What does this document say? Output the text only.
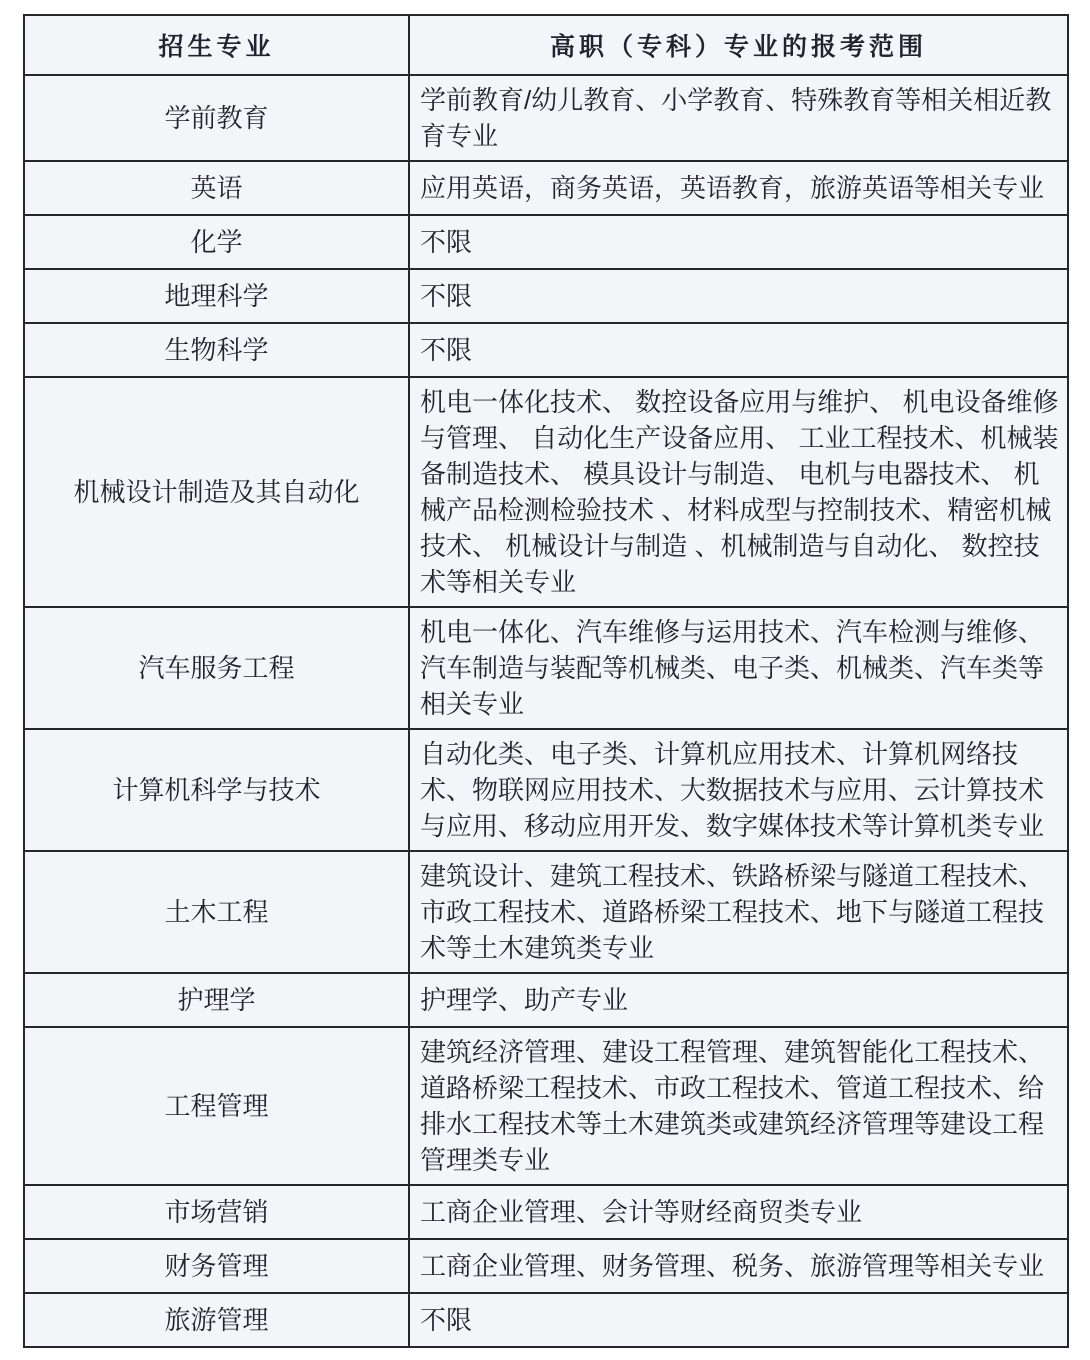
招生专业	高职（专科）专业的报考范围
学前教育	学前教育/幼儿教育、小学教育、特殊教育等相关相近教育专业
英语	应用英语，商务英语，英语教育，旅游英语等相关专业
化学	不限
地理科学	不限
生物科学	不限
机械设计制造及其自动化	机电一体化技术、 数控设备应用与维护、 机电设备维修与管理、 自动化生产设备应用、 工业工程技术、机械装备制造技术、 模具设计与制造、 电机与电器技术、 机械产品检测检验技术 、材料成型与控制技术、精密机械技术、 机械设计与制造 、机械制造与自动化、 数控技术等相关专业
汽车服务工程	机电一体化、汽车维修与运用技术、汽车检测与维修、汽车制造与装配等机械类、电子类、机械类、汽车类等相关专业
计算机科学与技术	自动化类、电子类、计算机应用技术、计算机网络技术、物联网应用技术、大数据技术与应用、云计算技术与应用、移动应用开发、数字媒体技术等计算机类专业
土木工程	建筑设计、建筑工程技术、铁路桥梁与隧道工程技术、市政工程技术、道路桥梁工程技术、地下与隧道工程技术等土木建筑类专业
护理学	护理学、助产专业
工程管理	建筑经济管理、建设工程管理、建筑智能化工程技术、道路桥梁工程技术、市政工程技术、管道工程技术、给排水工程技术等土木建筑类或建筑经济管理等建设工程管理类专业
市场营销	工商企业管理、会计等财经商贸类专业
财务管理	工商企业管理、财务管理、税务、旅游管理等相关专业
旅游管理	不限
